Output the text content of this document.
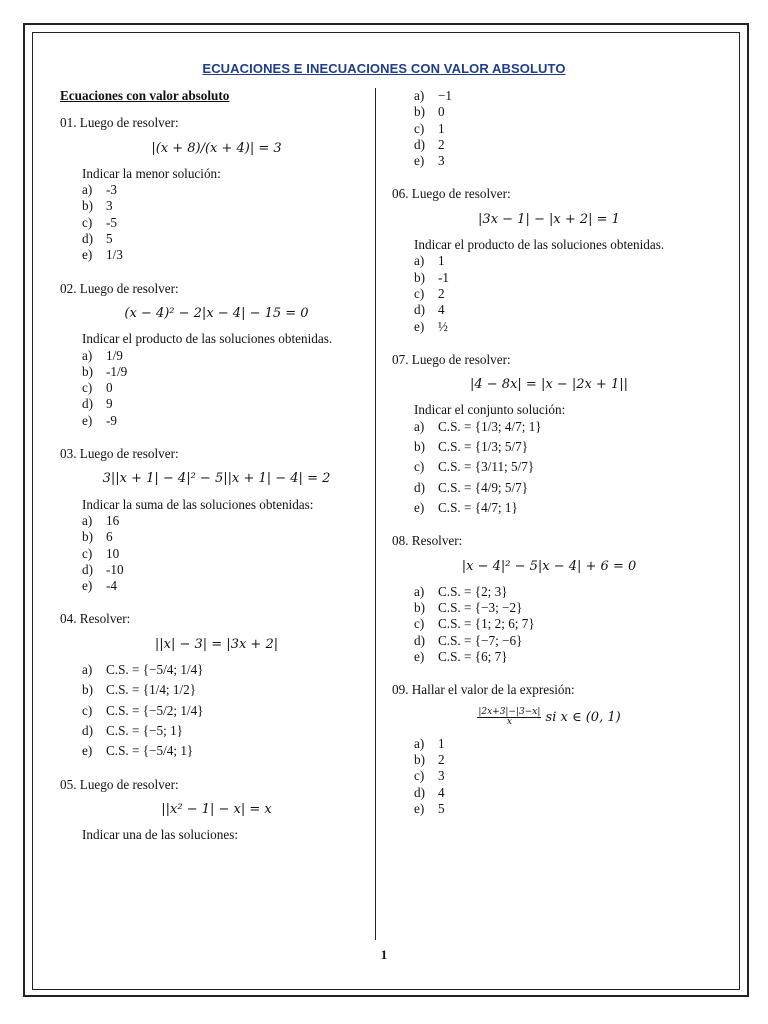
ECUACIONES E INECUACIONES CON VALOR ABSOLUTO
Ecuaciones con valor absoluto
01. Luego de resolver:
|(x + 8)/(x + 4)| = 3
Indicar la menor solución:
a)	-3
b) 3
c)	-5
d) 5
e)	1/3
02. Luego de resolver:
(x − 4)² − 2|x − 4| − 15 = 0
Indicar el producto de las soluciones obtenidas.
a)	1/9
b) -1/9
c)	0
d) 9
e)	-9
03. Luego de resolver:
3||x + 1| − 4|² − 5||x + 1| − 4| = 2
Indicar la suma de las soluciones obtenidas:
a)	16
b) 6
c)	10
d) -10
e)	-4
04. Resolver:
||x| − 3| = |3x + 2|
a)	C.S. = {−5/4; 1/4}
b) C.S. = {1/4; 1/2}
c)	C.S. = {−5/2; 1/4}
d) C.S. = {−5; 1}
e)	C.S. = {−5/4; 1}
05. Luego de resolver:
||x² − 1| − x| = x
Indicar una de las soluciones:
a)	−1
b) 0
c)	1
d) 2
e)	3
06. Luego de resolver:
|3x − 1| − |x + 2| = 1
Indicar el producto de las soluciones obtenidas.
a)	1
b) -1
c)	2
d) 4
e)	½
07. Luego de resolver:
|4 − 8x| = |x − |2x + 1||
Indicar el conjunto solución:
a)	C.S. = {1/3; 4/7; 1}
b) C.S. = {1/3; 5/7}
c)	C.S. = {3/11; 5/7}
d) C.S. = {4/9; 5/7}
e)	C.S. = {4/7; 1}
08. Resolver:
|x − 4|² − 5|x − 4| + 6 = 0
a)	C.S. = {2; 3}
b) C.S. = {−3; −2}
c)	C.S. = {1; 2; 6; 7}
d) C.S. = {−7; −6}
e)	C.S. = {6; 7}
09. Hallar el valor de la expresión:
$\frac{|2x+3|-|3-x|}{x}$ si x ∈ (0, 1)
a)	1
b) 2
c)	3
d) 4
e)	5
1
